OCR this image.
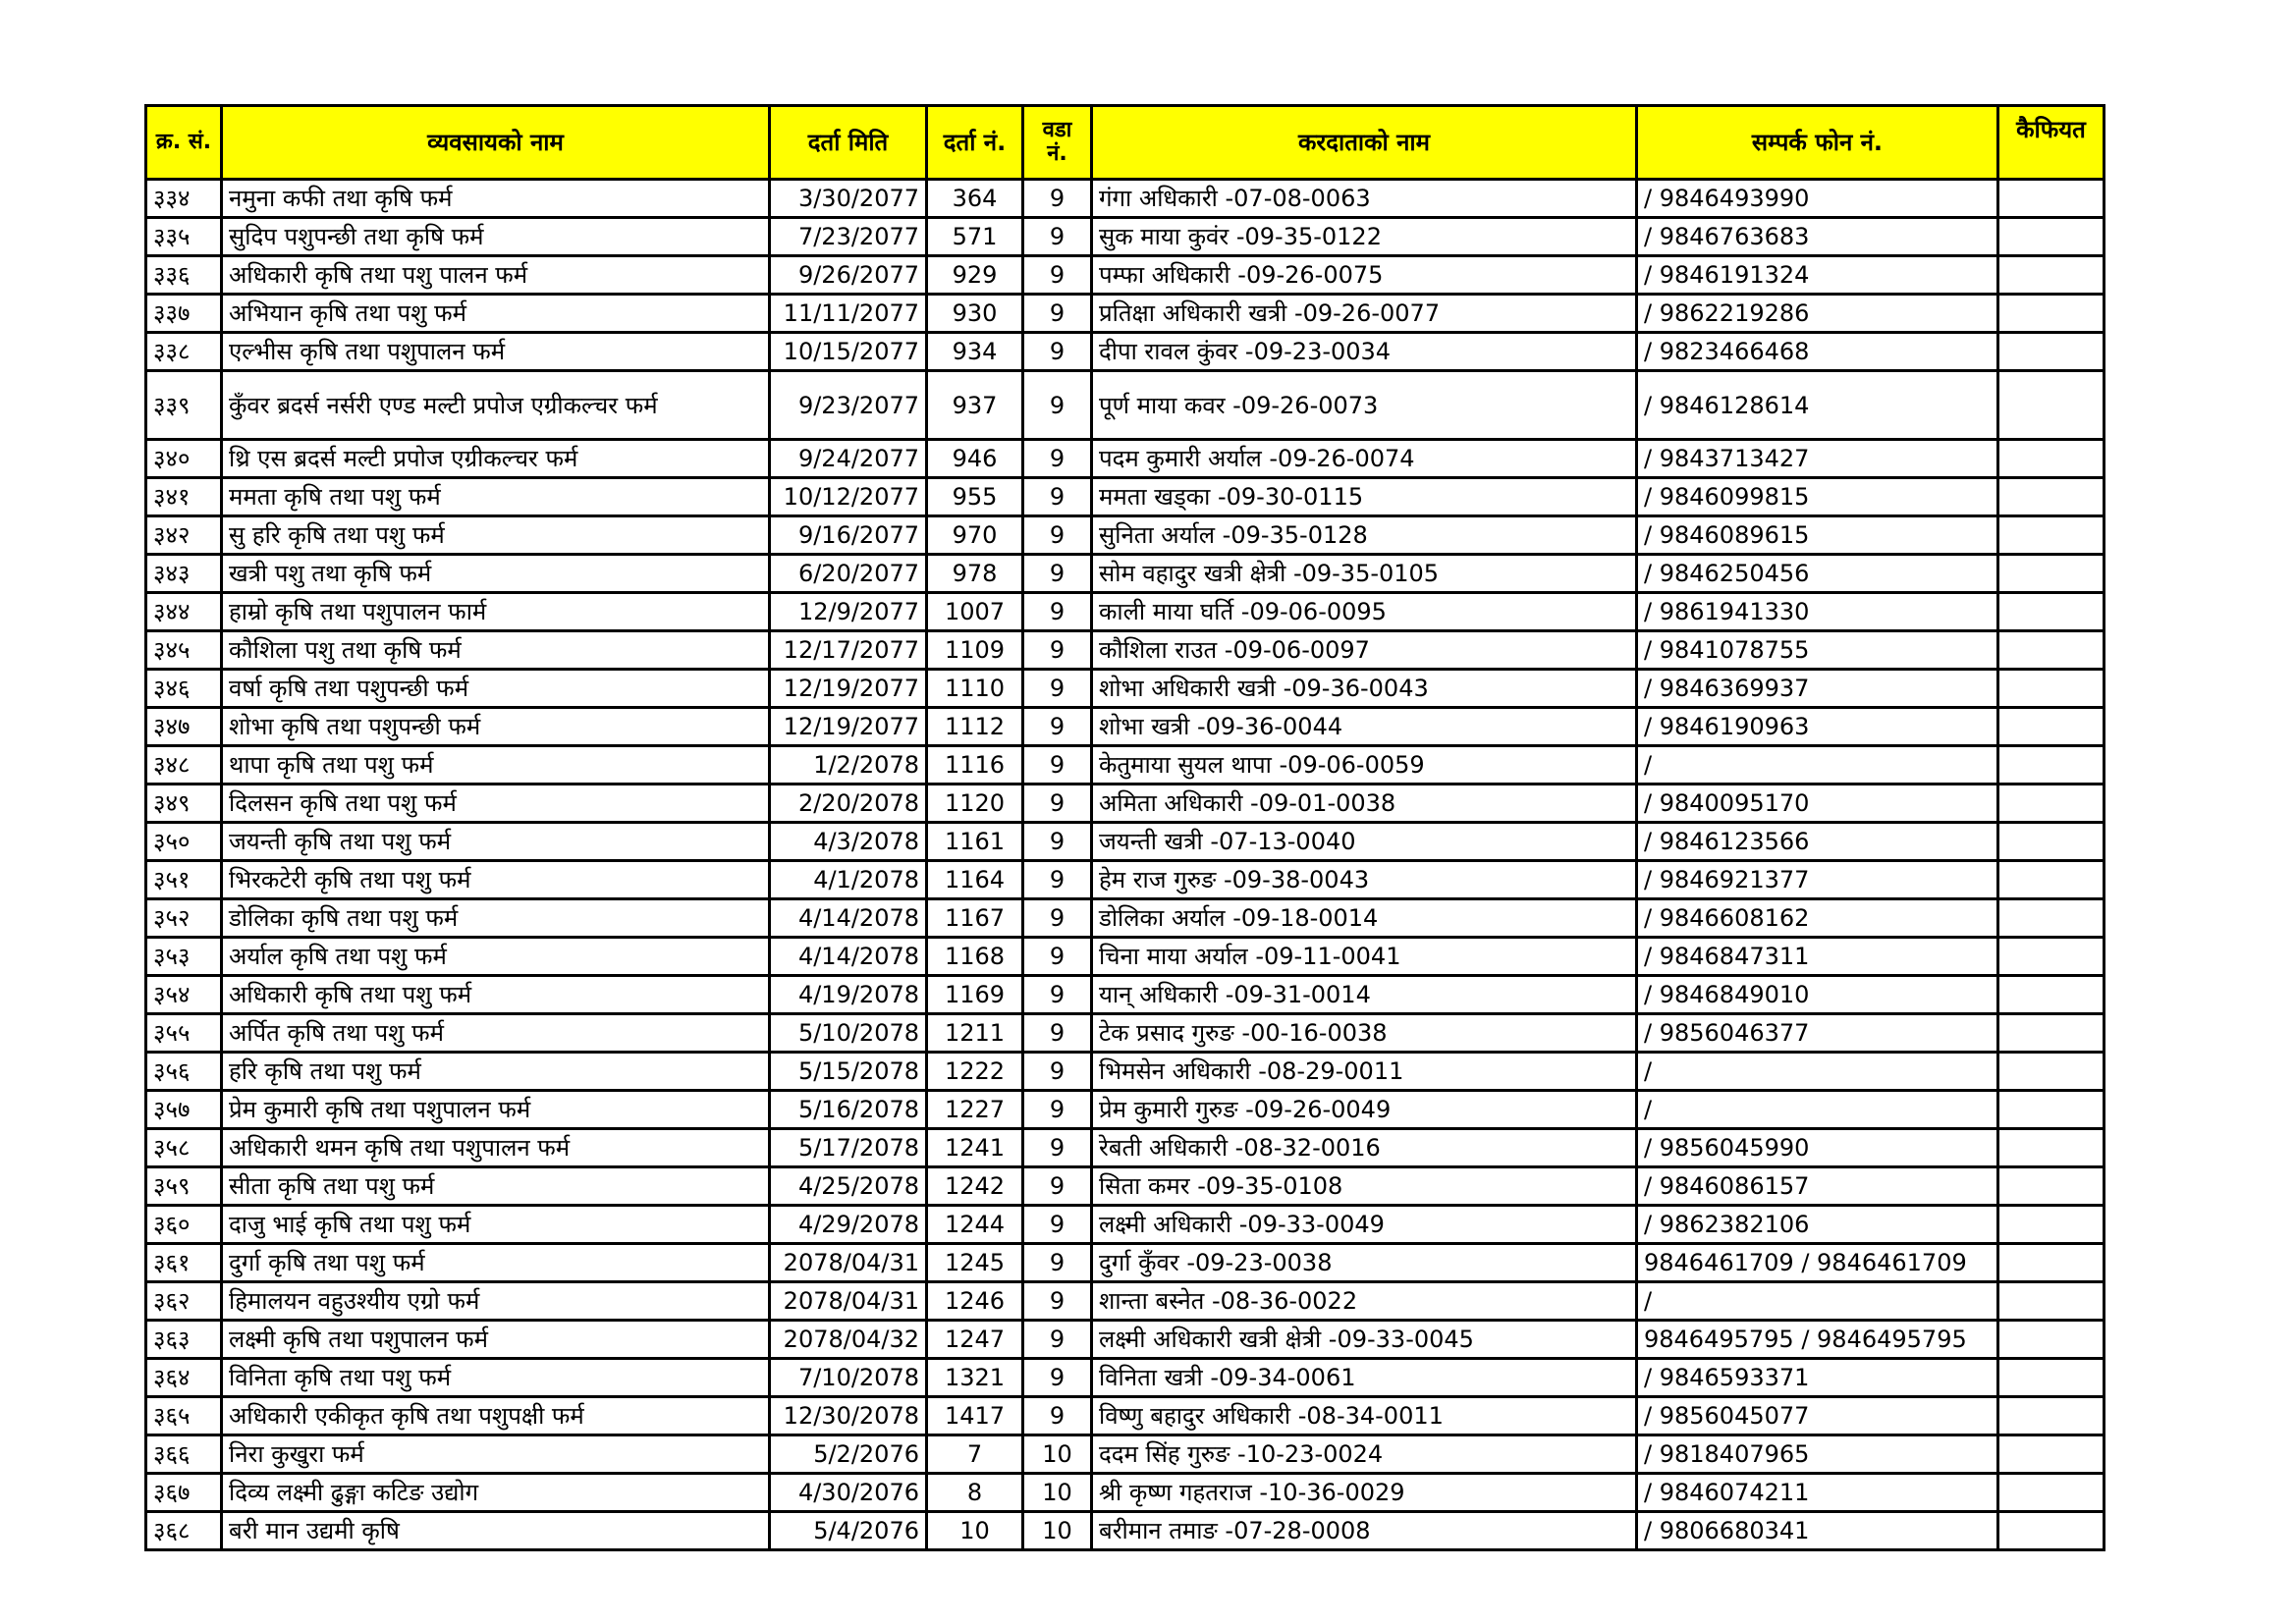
क्र. सं.	व्यवसायको नाम	दर्ता मिति	दर्ता नं.	वडा नं.	करदाताको नाम	सम्पर्क फोन नं.	कैफियत
३३४	नमुना कफी तथा कृषि फर्म	3/30/2077	364	9	गंगा अधिकारी -07-08-0063	/ 9846493990	
३३५	सुदिप पशुपन्छी तथा कृषि फर्म	7/23/2077	571	9	सुक माया कुवंर -09-35-0122	/ 9846763683	
३३६	अधिकारी कृषि तथा पशु पालन फर्म	9/26/2077	929	9	पम्फा अधिकारी -09-26-0075	/ 9846191324	
३३७	अभियान कृषि तथा पशु फर्म	11/11/2077	930	9	प्रतिक्षा अधिकारी खत्री -09-26-0077	/ 9862219286	
३३८	एल्भीस कृषि तथा पशुपालन फर्म	10/15/2077	934	9	दीपा रावल कुंवर -09-23-0034	/ 9823466468	
३३९	कुँवर ब्रदर्स नर्सरी एण्ड मल्टी प्रपोज एग्रीकल्चर फर्म	9/23/2077	937	9	पूर्ण माया कवर -09-26-0073	/ 9846128614	
३४०	थ्रि एस ब्रदर्स मल्टी प्रपोज एग्रीकल्चर फर्म	9/24/2077	946	9	पदम कुमारी अर्याल -09-26-0074	/ 9843713427	
३४१	ममता कृषि तथा पशु फर्म	10/12/2077	955	9	ममता खड्का -09-30-0115	/ 9846099815	
३४२	सु हरि कृषि तथा पशु फर्म	9/16/2077	970	9	सुनिता अर्याल -09-35-0128	/ 9846089615	
३४३	खत्री पशु तथा कृषि फर्म	6/20/2077	978	9	सोम वहादुर खत्री क्षेत्री -09-35-0105	/ 9846250456	
३४४	हाम्रो कृषि तथा पशुपालन फार्म	12/9/2077	1007	9	काली माया घर्ति -09-06-0095	/ 9861941330	
३४५	कौशिला पशु तथा कृषि फर्म	12/17/2077	1109	9	कौशिला राउत -09-06-0097	/ 9841078755	
३४६	वर्षा कृषि तथा पशुपन्छी फर्म	12/19/2077	1110	9	शोभा अधिकारी खत्री -09-36-0043	/ 9846369937	
३४७	शोभा कृषि तथा पशुपन्छी फर्म	12/19/2077	1112	9	शोभा खत्री -09-36-0044	/ 9846190963	
३४८	थापा कृषि तथा पशु फर्म	1/2/2078	1116	9	केतुमाया सुयल थापा -09-06-0059	/	
३४९	दिलसन कृषि तथा पशु फर्म	2/20/2078	1120	9	अमिता अधिकारी -09-01-0038	/ 9840095170	
३५०	जयन्ती कृषि तथा पशु फर्म	4/3/2078	1161	9	जयन्ती खत्री -07-13-0040	/ 9846123566	
३५१	भिरकटेरी कृषि तथा पशु फर्म	4/1/2078	1164	9	हेम राज गुरुङ -09-38-0043	/ 9846921377	
३५२	डोलिका कृषि तथा पशु फर्म	4/14/2078	1167	9	डोलिका अर्याल -09-18-0014	/ 9846608162	
३५३	अर्याल कृषि तथा पशु फर्म	4/14/2078	1168	9	चिना माया अर्याल -09-11-0041	/ 9846847311	
३५४	अधिकारी कृषि तथा पशु फर्म	4/19/2078	1169	9	यान् अधिकारी -09-31-0014	/ 9846849010	
३५५	अर्पित कृषि तथा पशु फर्म	5/10/2078	1211	9	टेक प्रसाद गुरुङ -00-16-0038	/ 9856046377	
३५६	हरि कृषि तथा पशु फर्म	5/15/2078	1222	9	भिमसेन अधिकारी -08-29-0011	/	
३५७	प्रेम कुमारी कृषि तथा पशुपालन फर्म	5/16/2078	1227	9	प्रेम कुमारी गुरुङ -09-26-0049	/	
३५८	अधिकारी थमन कृषि तथा पशुपालन फर्म	5/17/2078	1241	9	रेबती अधिकारी -08-32-0016	/ 9856045990	
३५९	सीता कृषि तथा पशु फर्म	4/25/2078	1242	9	सिता कमर -09-35-0108	/ 9846086157	
३६०	दाजु भाई कृषि तथा पशु फर्म	4/29/2078	1244	9	लक्ष्मी अधिकारी -09-33-0049	/ 9862382106	
३६१	दुर्गा कृषि तथा पशु फर्म	2078/04/31	1245	9	दुर्गा कुँवर -09-23-0038	9846461709 / 9846461709	
३६२	हिमालयन वहुउश्यीय एग्रो फर्म	2078/04/31	1246	9	शान्ता बस्नेत -08-36-0022	/	
३६३	लक्ष्मी कृषि तथा पशुपालन फर्म	2078/04/32	1247	9	लक्ष्मी अधिकारी खत्री क्षेत्री -09-33-0045	9846495795 / 9846495795	
३६४	विनिता कृषि तथा पशु फर्म	7/10/2078	1321	9	विनिता खत्री -09-34-0061	/ 9846593371	
३६५	अधिकारी एकीकृत कृषि तथा पशुपक्षी फर्म	12/30/2078	1417	9	विष्णु बहादुर अधिकारी -08-34-0011	/ 9856045077	
३६६	निरा कुखुरा फर्म	5/2/2076	7	10	ददम सिंह गुरुङ -10-23-0024	/ 9818407965	
३६७	दिव्य लक्ष्मी ढुङ्गा कटिङ उद्योग	4/30/2076	8	10	श्री कृष्ण गहतराज -10-36-0029	/ 9846074211	
३६८	बरी मान उद्यमी कृषि	5/4/2076	10	10	बरीमान तमाङ -07-28-0008	/ 9806680341	
